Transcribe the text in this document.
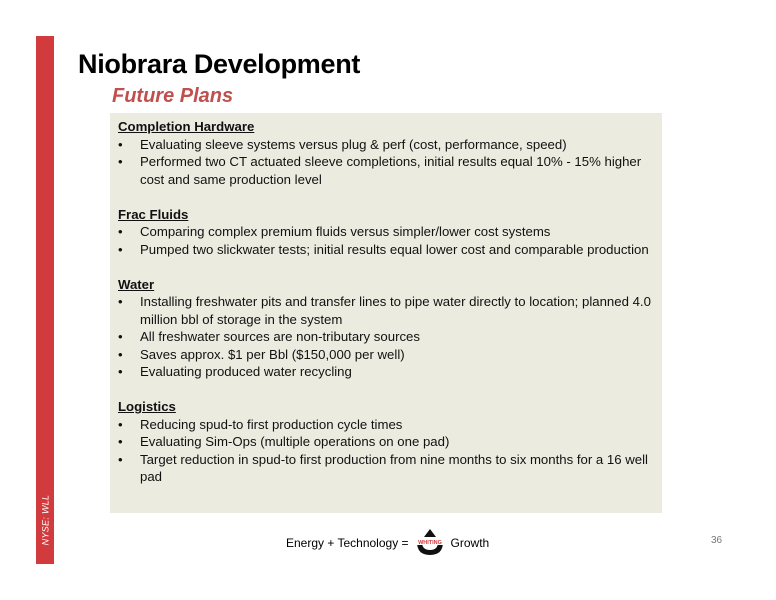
NYSE: WLL
Niobrara Development
Future Plans
Completion Hardware
• Evaluating sleeve systems versus plug & perf (cost, performance, speed)
• Performed two CT actuated sleeve completions, initial results equal 10% - 15% higher cost and same production level
Frac Fluids
• Comparing complex premium fluids versus simpler/lower cost systems
• Pumped two slickwater tests; initial results equal lower cost and comparable production
Water
• Installing freshwater pits and transfer lines to pipe water directly to location; planned 4.0 million bbl of storage in the system
• All freshwater sources are non-tributary sources
• Saves approx. $1 per Bbl ($150,000 per well)
• Evaluating produced water recycling
Logistics
• Reducing spud-to first production cycle times
• Evaluating Sim-Ops (multiple operations on one pad)
• Target reduction in spud-to first production from nine months to six months for a 16 well pad
Energy + Technology = WHITING Growth	36
